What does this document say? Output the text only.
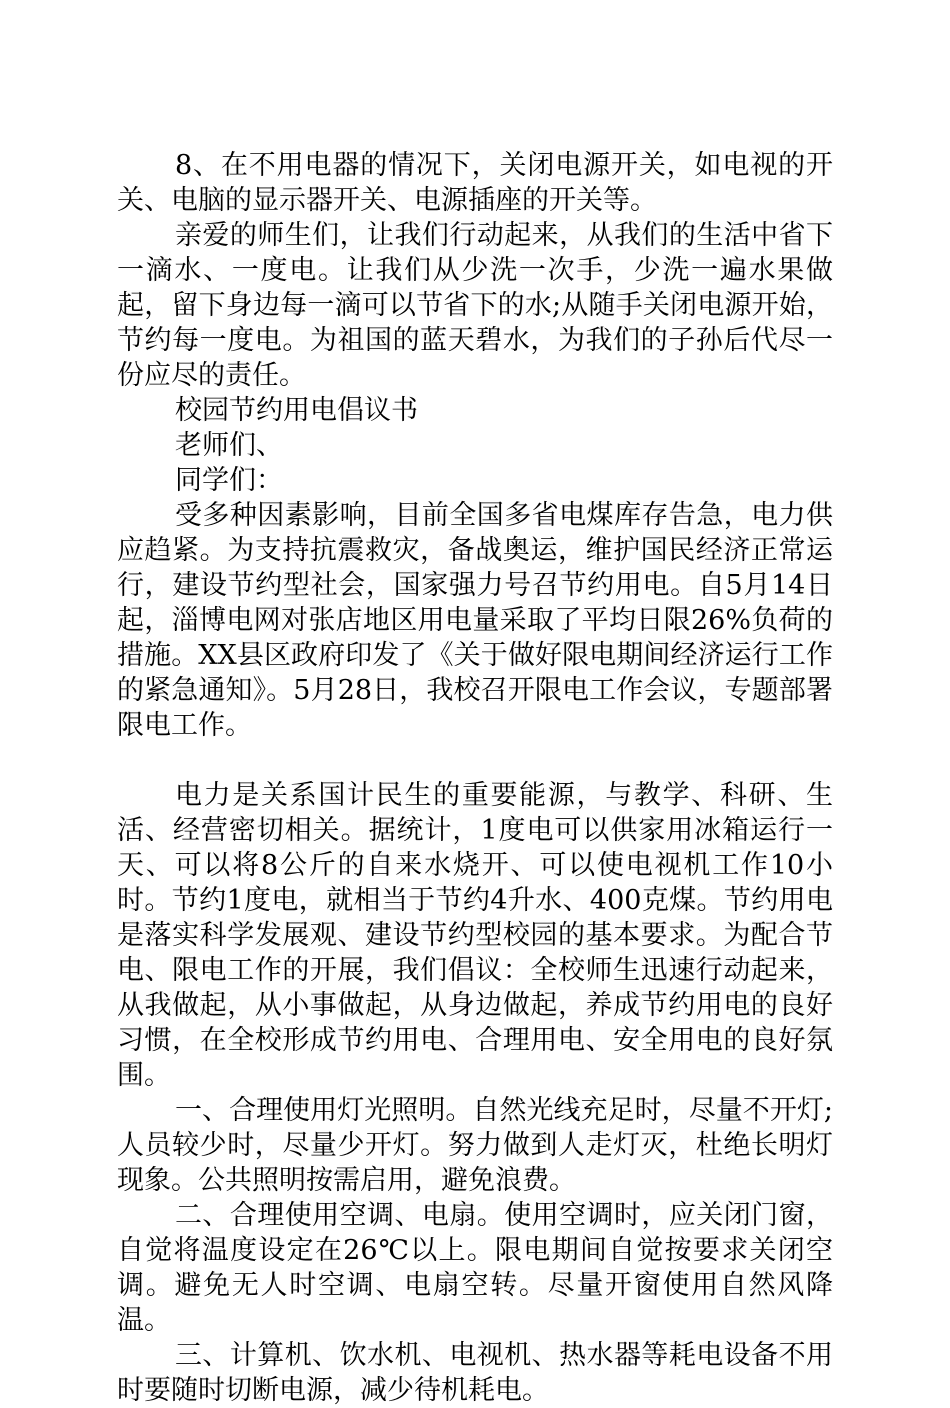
8、在不用电器的情况下，关闭电源开关，如电视的开关、电脑的显示器开关、电源插座的开关等。

亲爱的师生们，让我们行动起来，从我们的生活中省下一滴水、一度电。让我们从少洗一次手，少洗一遍水果做起，留下身边每一滴可以节省下的水;从随手关闭电源开始，节约每一度电。为祖国的蓝天碧水，为我们的子孙后代尽一份应尽的责任。

校园节约用电倡议书

老师们、

同学们：

受多种因素影响，目前全国多省电煤库存告急，电力供应趋紧。为支持抗震救灾，备战奥运，维护国民经济正常运行，建设节约型社会，国家强力号召节约用电。自5月14日起，淄博电网对张店地区用电量采取了平均日限26%负荷的措施。XX县区政府印发了《关于做好限电期间经济运行工作的紧急通知》。5月28日，我校召开限电工作会议，专题部署限电工作。

电力是关系国计民生的重要能源，与教学、科研、生活、经营密切相关。据统计，1度电可以供家用冰箱运行一天、可以将8公斤的自来水烧开、可以使电视机工作10小时。节约1度电，就相当于节约4升水、400克煤。节约用电是落实科学发展观、建设节约型校园的基本要求。为配合节电、限电工作的开展，我们倡议：全校师生迅速行动起来，从我做起，从小事做起，从身边做起，养成节约用电的良好习惯，在全校形成节约用电、合理用电、安全用电的良好氛围。

一、合理使用灯光照明。自然光线充足时，尽量不开灯;人员较少时，尽量少开灯。努力做到人走灯灭，杜绝长明灯现象。公共照明按需启用，避免浪费。

二、合理使用空调、电扇。使用空调时，应关闭门窗，自觉将温度设定在26℃以上。限电期间自觉按要求关闭空调。避免无人时空调、电扇空转。尽量开窗使用自然风降温。

三、计算机、饮水机、电视机、热水器等耗电设备不用时要随时切断电源，减少待机耗电。
